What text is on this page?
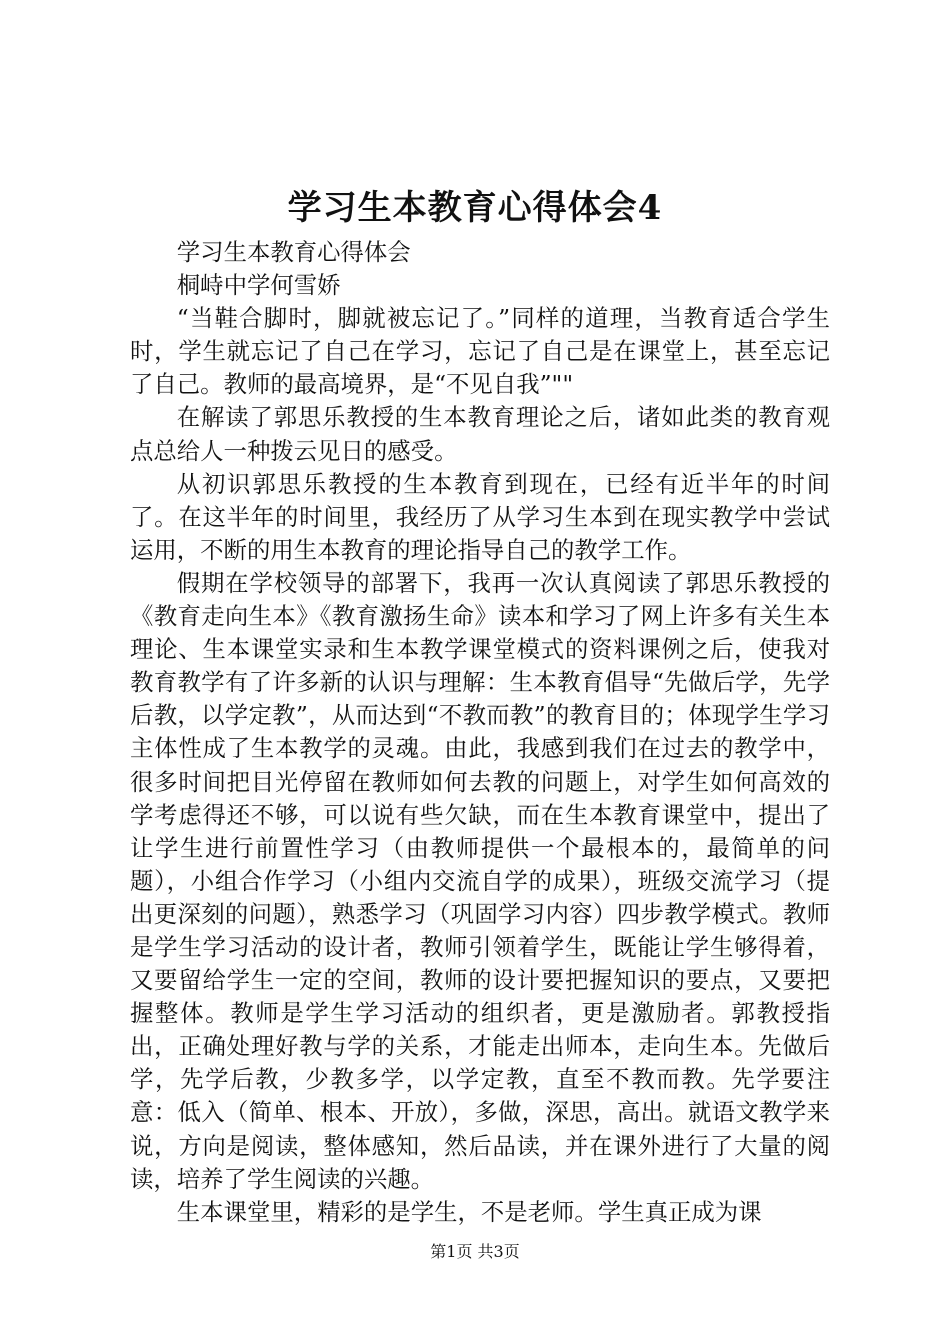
学习生本教育心得体会4

学习生本教育心得体会

桐峙中学何雪娇

“当鞋合脚时，脚就被忘记了。”同样的道理，当教育适合学生时，学生就忘记了自己在学习，忘记了自己是在课堂上，甚至忘记了自己。教师的最高境界，是“不见自我”""

在解读了郭思乐教授的生本教育理论之后，诸如此类的教育观点总给人一种拨云见日的感受。

从初识郭思乐教授的生本教育到现在，已经有近半年的时间了。在这半年的时间里，我经历了从学习生本到在现实教学中尝试运用，不断的用生本教育的理论指导自己的教学工作。

假期在学校领导的部署下，我再一次认真阅读了郭思乐教授的《教育走向生本》《教育激扬生命》读本和学习了网上许多有关生本理论、生本课堂实录和生本教学课堂模式的资料课例之后，使我对教育教学有了许多新的认识与理解：生本教育倡导“先做后学，先学后教，以学定教”，从而达到“不教而教”的教育目的；体现学生学习主体性成了生本教学的灵魂。由此，我感到我们在过去的教学中，很多时间把目光停留在教师如何去教的问题上，对学生如何高效的学考虑得还不够，可以说有些欠缺，而在生本教育课堂中，提出了让学生进行前置性学习（由教师提供一个最根本的，最简单的问题），小组合作学习（小组内交流自学的成果），班级交流学习（提出更深刻的问题），熟悉学习（巩固学习内容）四步教学模式。教师是学生学习活动的设计者，教师引领着学生，既能让学生够得着，又要留给学生一定的空间，教师的设计要把握知识的要点，又要把握整体。教师是学生学习活动的组织者，更是激励者。郭教授指出，正确处理好教与学的关系，才能走出师本，走向生本。先做后学，先学后教，少教多学，以学定教，直至不教而教。先学要注意：低入（简单、根本、开放），多做，深思，高出。就语文教学来说，方向是阅读，整体感知，然后品读，并在课外进行了大量的阅读，培养了学生阅读的兴趣。

生本课堂里，精彩的是学生，不是老师。学生真正成为课

第1页 共3页
